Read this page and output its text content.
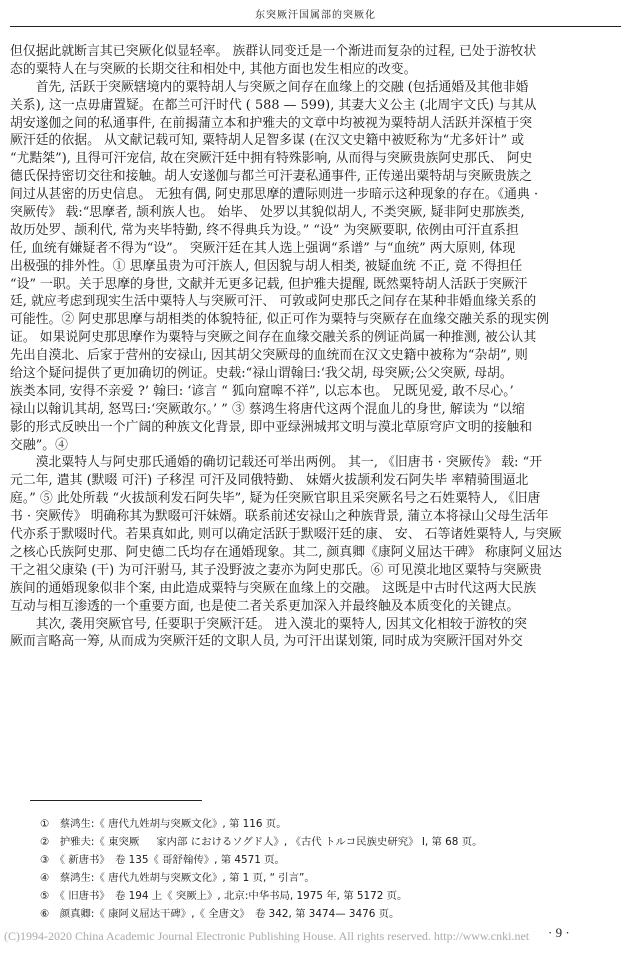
东突厥汗国属部的突厥化
但仅据此就断言其已突厥化似显轻率。 族群认同变迁是一个渐进而复杂的过程, 已处于游牧状
态的粟特人在与突厥的长期交往和相处中, 其他方面也发生相应的改变。
　　首先, 活跃于突厥辖境内的粟特胡人与突厥之间存在血缘上的交融 (包括通婚及其他非婚
关系), 这一点毋庸置疑。在都兰可汗时代 ( 588 — 599), 其妻大义公主 (北周宇文氏) 与其从
胡安遂伽之间的私通事件, 在前揭蒲立本和护雅夫的文章中均被视为粟特胡人活跃并深植于突
厥汗廷的依据。 从文献记载可知, 粟特胡人足智多谋 (在汉文史籍中被贬称为“尤多奸计” 或
“尤黠桀”), 且得可汗宠信, 故在突厥汗廷中拥有特殊影响, 从而得与突厥贵族阿史那氏、 阿史
德氏保持密切交往和接触。胡人安遂伽与都兰可汗妻私通事件, 正传递出粟特胡与突厥贵族之
间过从甚密的历史信息。 无独有偶, 阿史那思摩的遭际则进一步暗示这种现象的存在。《通典 ·
突厥传》 载:“思摩者, 颉利族人也。 始毕、 处罗以其貌似胡人, 不类突厥, 疑非阿史那族类,
故历处罗、颉利代, 常为夹毕特勤, 终不得典兵为设。” “设” 为突厥要职, 依例由可汗直系担
任, 血统有嫌疑者不得为“设”。 突厥汗廷在其人选上强调“系谱” 与“血统” 两大原则, 体现
出极强的排外性。① 思摩虽贵为可汗族人, 但因貌与胡人相类, 被疑血统 不正, 竟 不得担任
“设” 一职。关于思摩的身世, 文献并无更多记载, 但护雅夫提醒, 既然粟特胡人活跃于突厥汗
廷, 就应考虑到现实生活中粟特人与突厥可汗、 可敦或阿史那氏之间存在某种非婚血缘关系的
可能性。② 阿史那思摩与胡相类的体貌特征, 似正可作为粟特与突厥存在血缘交融关系的现实例
证。 如果说阿史那思摩作为粟特与突厥之间存在血缘交融关系的例证尚属一种推测, 被公认其
先出自漠北、后家于营州的安禄山, 因其胡父突厥母的血统而在汉文史籍中被称为“杂胡”, 则
给这个疑问提供了更加确切的例证。史载:“禄山谓翰曰:‘我父胡, 母突厥;公父突厥, 母胡。
族类本同, 安得不亲爱 ?’ 翰曰: ‘谚言 “ 狐向窟嗥不祥”, 以忘本也。 兄既见爱, 敢不尽心。’
禄山以翰讥其胡, 怒骂曰:‘突厥敢尔。’ ” ③ 蔡鸿生将唐代这两个混血儿的身世, 解读为 “以缩
影的形式反映出一个广阔的种族文化背景, 即中亚绿洲城邦文明与漠北草原穹庐文明的接触和
交融”。④
　　漠北粟特人与阿史那氏通婚的确切记载还可举出两例。 其一, 《旧唐书 · 突厥传》 载: “开
元二年, 遣其 (默啜 可汗) 子移涅 可汗及同俄特勤、 妹婿火拔颉利发石阿失毕 率精骑围逼北
庭。” ⑤ 此处所载 “火拔颉利发石阿失毕”, 疑为任突厥官职且采突厥名号之石姓粟特人, 《旧唐
书 · 突厥传》 明确称其为默啜可汗妹婿。联系前述安禄山之种族背景, 蒲立本将禄山父母生活年
代亦系于默啜时代。若果真如此, 则可以确定活跃于默啜汗廷的康、 安、 石等诸姓粟特人, 与突厥
之核心氏族阿史那、阿史德二氏均存在通婚现象。其二, 颜真卿《康阿义屈达干碑》 称康阿义屈达
干之祖父康染 (干) 为可汗驸马, 其子没野波之妻亦为阿史那氏。⑥ 可见漠北地区粟特与突厥贵
族间的通婚现象似非个案, 由此造成粟特与突厥在血缘上的交融。 这既是中古时代这两大民族
互动与相互渗透的一个重要方面, 也是使二者关系更加深入并最终触及本质变化的关键点。
　　其次, 袭用突厥官号, 任要职于突厥汗廷。 进入漠北的粟特人, 因其文化相较于游牧的突
厥而言略高一筹, 从而成为突厥汗廷的文职人员, 为可汗出谋划策, 同时成为突厥汗国对外交
①　蔡鸿生:《 唐代九姓胡与突厥文化》, 第 116 页。
②　护雅夫:《 東突厥 　 家内部 におけるソグド人》, 《古代 トルコ民族史研究》 I, 第 68 页。
③　《 新唐书》　卷 135《 哥舒翰传》, 第 4571 页。
④　蔡鸿生:《 唐代九姓胡与突厥文化》, 第 1 页, “ 引言”。
⑤　《 旧唐书》　卷 194 上《 突厥上》, 北京:中华书局, 1975 年, 第 5172 页。
⑥　颜真卿:《 康阿义屈达干碑》,《 全唐文》　卷 342, 第 3474— 3476 页。
(C)1994-2020 China Academic Journal Electronic Publishing House. All rights reserved. http://www.cnki.net	· 9 ·
